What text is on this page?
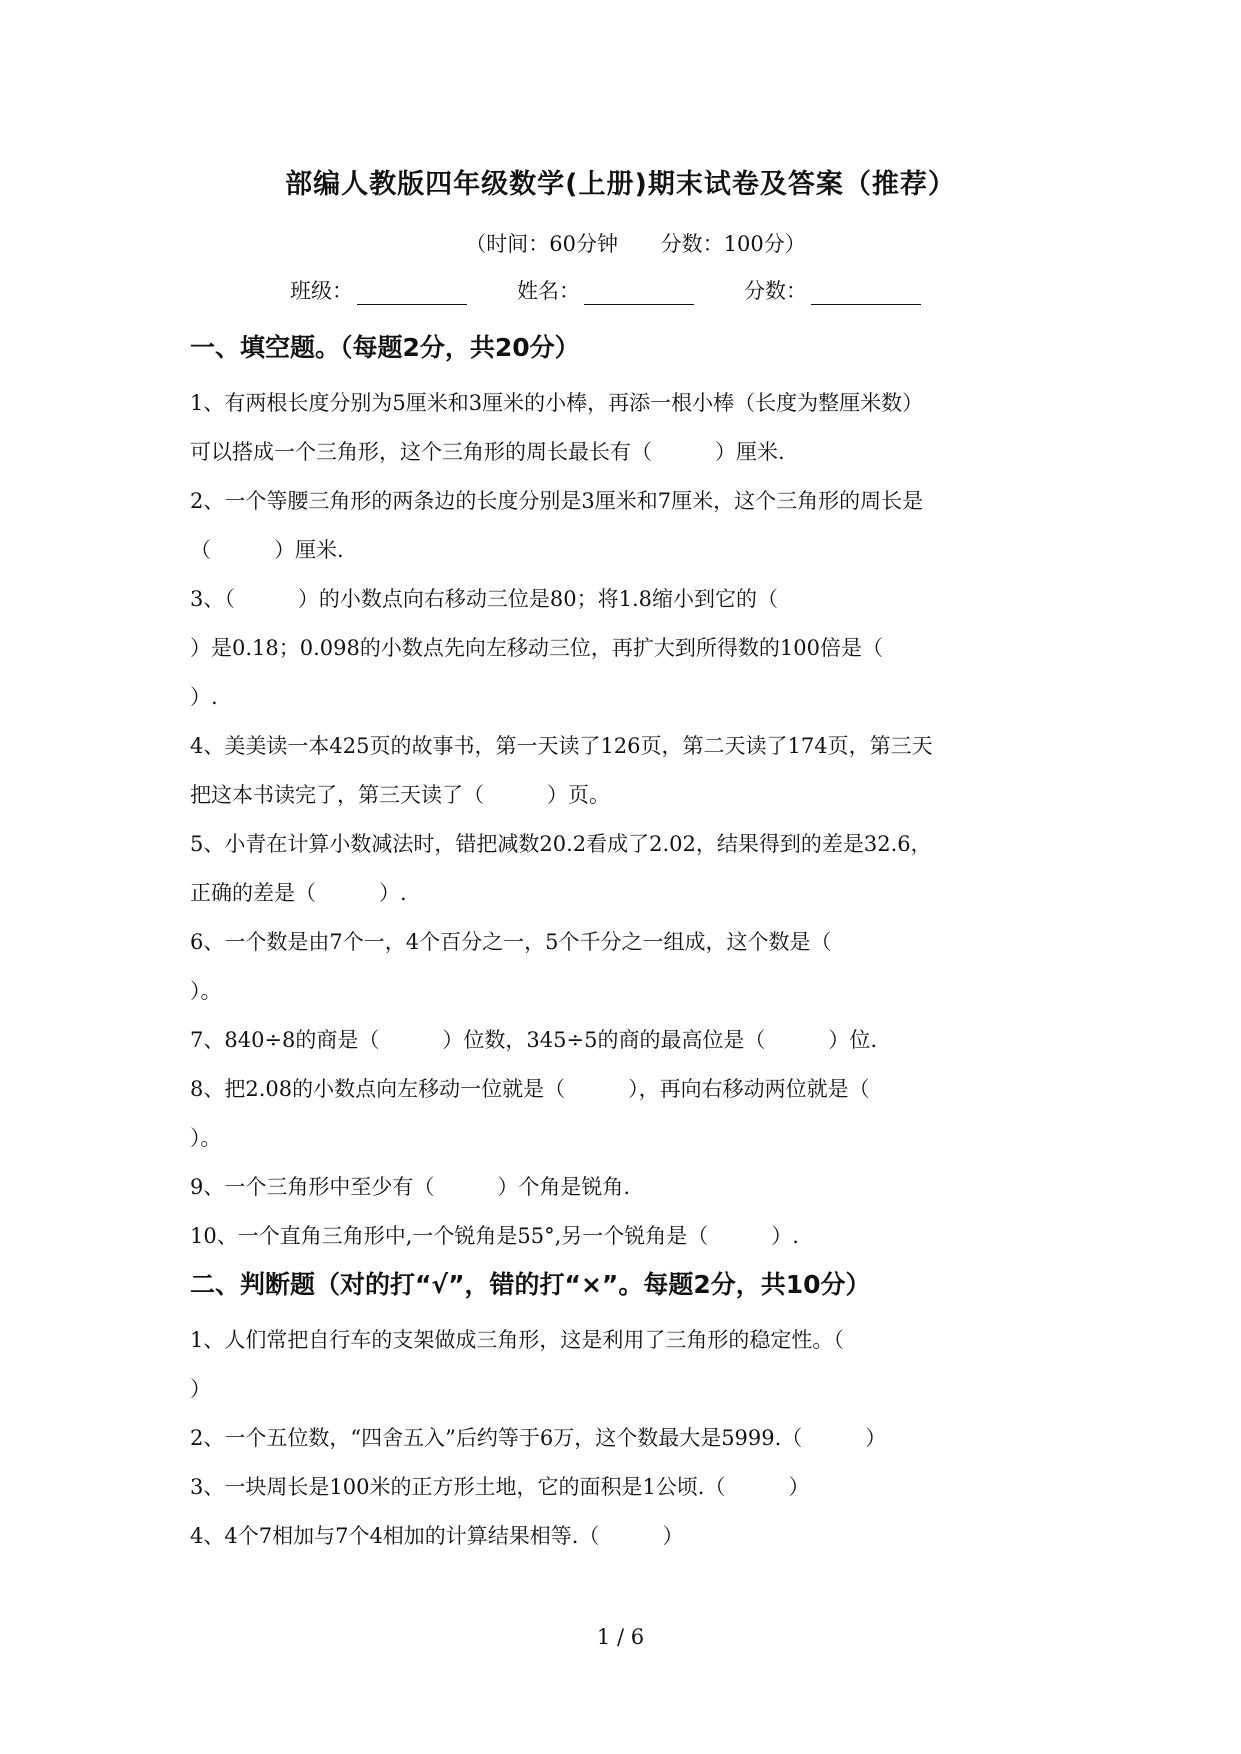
部编人教版四年级数学(上册)期末试卷及答案（推荐）
（时间：60分钟 分数：100分）
班级：	姓名：	分数：
一、填空题。（每题2分，共20分）
1、有两根长度分别为5厘米和3厘米的小棒，再添一根小棒（长度为整厘米数）
可以搭成一个三角形，这个三角形的周长最长有（　　　）厘米.
2、一个等腰三角形的两条边的长度分别是3厘米和7厘米，这个三角形的周长是
（　　　）厘米.
3、（　　　）的小数点向右移动三位是80；将1.8缩小到它的（
）是0.18；0.098的小数点先向左移动三位，再扩大到所得数的100倍是（
）.
4、美美读一本425页的故事书，第一天读了126页，第二天读了174页，第三天
把这本书读完了，第三天读了（　　　）页。
5、小青在计算小数减法时，错把减数20.2看成了2.02，结果得到的差是32.6，
正确的差是（　　　）.
6、一个数是由7个一，4个百分之一，5个千分之一组成，这个数是（
）。
7、840÷8的商是（　　　）位数，345÷5的商的最高位是（　　　）位.
8、把2.08的小数点向左移动一位就是（　　　），再向右移动两位就是（
）。
9、一个三角形中至少有（　　　）个角是锐角.
10、一个直角三角形中,一个锐角是55°,另一个锐角是（　　　）.
二、判断题（对的打“√”，错的打“×”。每题2分，共10分）
1、人们常把自行车的支架做成三角形，这是利用了三角形的稳定性。（
）
2、一个五位数，“四舍五入”后约等于6万，这个数最大是5999.（　　　）
3、一块周长是100米的正方形土地，它的面积是1公顷.（　　　）
4、4个7相加与7个4相加的计算结果相等.（　　　）
1 / 6
